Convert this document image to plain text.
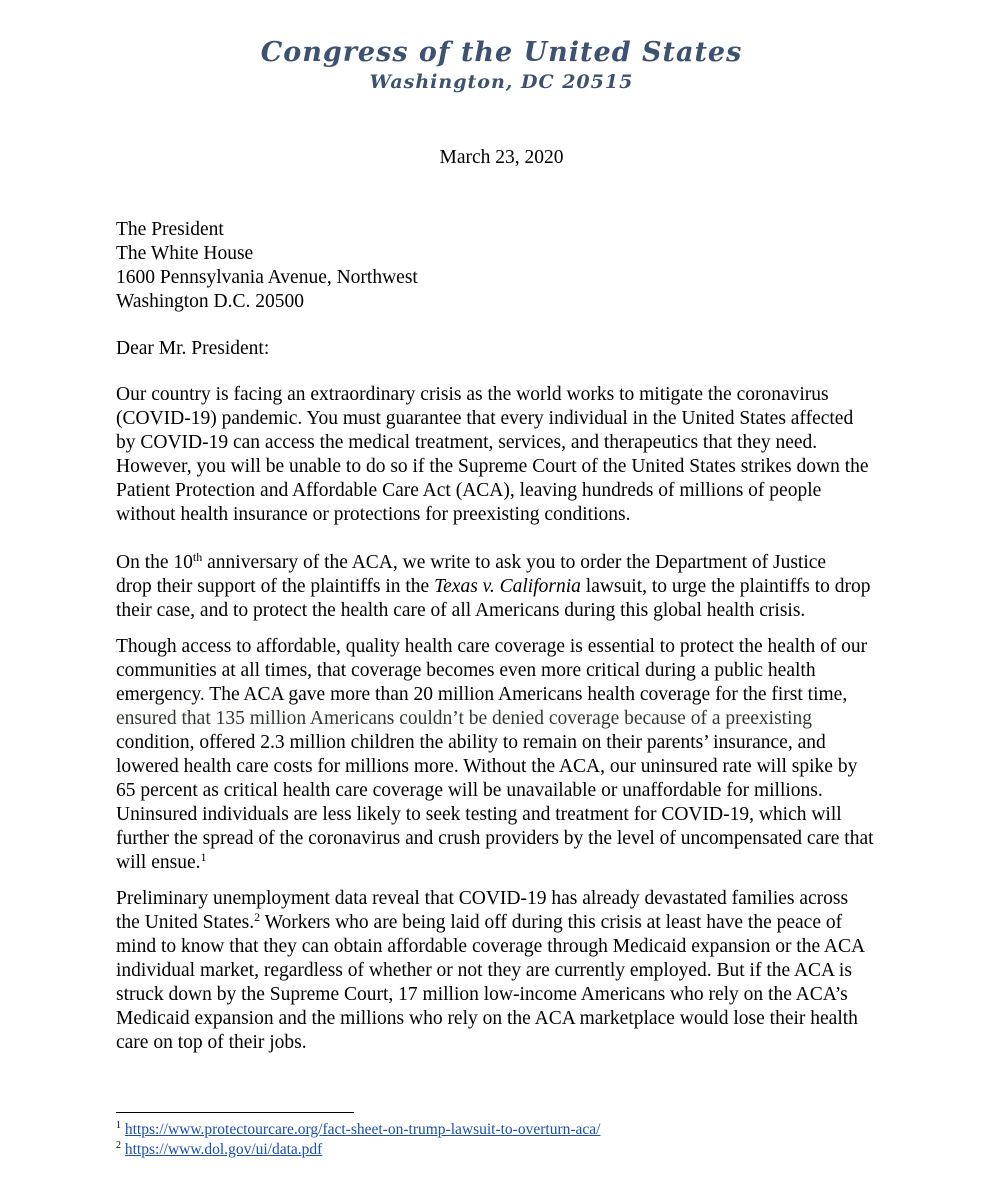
Congress of the United States
Washington, DC 20515
March 23, 2020
The President
The White House
1600 Pennsylvania Avenue, Northwest
Washington D.C. 20500
Dear Mr. President:
Our country is facing an extraordinary crisis as the world works to mitigate the coronavirus
(COVID-19) pandemic. You must guarantee that every individual in the United States affected
by COVID-19 can access the medical treatment, services, and therapeutics that they need.
However, you will be unable to do so if the Supreme Court of the United States strikes down the
Patient Protection and Affordable Care Act (ACA), leaving hundreds of millions of people
without health insurance or protections for preexisting conditions.
On the 10th anniversary of the ACA, we write to ask you to order the Department of Justice
drop their support of the plaintiffs in the Texas v. California lawsuit, to urge the plaintiffs to drop
their case, and to protect the health care of all Americans during this global health crisis.
Though access to affordable, quality health care coverage is essential to protect the health of our
communities at all times, that coverage becomes even more critical during a public health
emergency. The ACA gave more than 20 million Americans health coverage for the first time,
ensured that 135 million Americans couldn’t be denied coverage because of a preexisting
condition, offered 2.3 million children the ability to remain on their parents’ insurance, and
lowered health care costs for millions more. Without the ACA, our uninsured rate will spike by
65 percent as critical health care coverage will be unavailable or unaffordable for millions.
Uninsured individuals are less likely to seek testing and treatment for COVID-19, which will
further the spread of the coronavirus and crush providers by the level of uncompensated care that
will ensue.$^1$
Preliminary unemployment data reveal that COVID-19 has already devastated families across
the United States.$^2$ Workers who are being laid off during this crisis at least have the peace of
mind to know that they can obtain affordable coverage through Medicaid expansion or the ACA
individual market, regardless of whether or not they are currently employed. But if the ACA is
struck down by the Supreme Court, 17 million low-income Americans who rely on the ACA’s
Medicaid expansion and the millions who rely on the ACA marketplace would lose their health
care on top of their jobs.
$^1$ https://www.protectourcare.org/fact-sheet-on-trump-lawsuit-to-overturn-aca/
$^2$ https://www.dol.gov/ui/data.pdf
